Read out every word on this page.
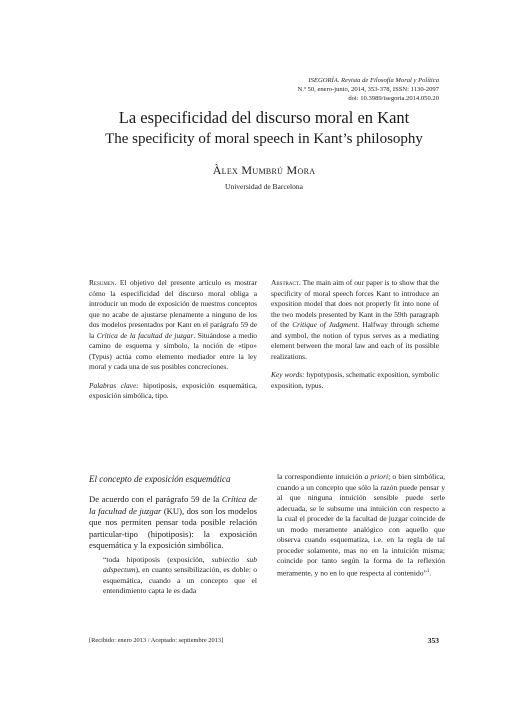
ISEGORÍA. Revista de Filosofía Moral y Política
N.º 50, enero-junio, 2014, 353-378, ISSN: 1130-2097
doi: 10.3989/isegoria.2014.050.20
La especificidad del discurso moral en Kant
The specificity of moral speech in Kant’s philosophy
Àlex Mumbrú Mora
Universidad de Barcelona

Resumen. El objetivo del presente artículo es mostrar cómo la especificidad del discurso moral obliga a introducir un modo de exposición de nuestros conceptos que no acabe de ajustarse plenamente a ninguno de los dos modelos presentados por Kant en el parágrafo 59 de la Crítica de la facultad de juzgar. Situándose a medio camino de esquema y símbolo, la noción de «tipo» (Typus) actúa como elemento mediador entre la ley moral y cada una de sus posibles concreciones.

Palabras clave: hipotiposis, exposición esquemática, exposición simbólica, tipo.

Abstract. The main aim of our paper is to show that the specificity of moral speech forces Kant to introduce an exposition model that does not properly fit into none of the two models presented by Kant in the 59th paragraph of the Critique of Judgment. Halfway through scheme and symbol, the notion of typus serves as a mediating element between the moral law and each of its possible realizations.

Key words: hypotyposis, schematic exposition, symbolic exposition, typus.

El concepto de exposición esquemática

De acuerdo con el parágrafo 59 de la Crítica de la facultad de juzgar (KU), dos son los modelos que nos permiten pensar toda posible relación particular-tipo (hipotiposis): la exposición esquemática y la exposición simbólica.

“toda hipotiposis (exposición, subiectio sub adspectum), en cuanto sensibilización, es doble: o esquemática, cuando a un concepto que el entendimiento capta le es dada

la correspondiente intuición a priori; o bien simbólica, cuando a un concepto que sólo la razón puede pensar y al que ninguna intuición sensible puede serle adecuada, se le subsume una intuición con respecto a la cual el proceder de la facultad de juzgar coincide de un modo meramente analógico con aquello que observa cuando esquematiza, i.e. en la regla de tal proceder solamente, mas no en la intuición misma; coincide por tanto según la forma de la reflexión meramente, y no en lo que respecta al contenido”$^1$.

[Recibido: enero 2013 / Aceptado: septiembre 2013]	353
